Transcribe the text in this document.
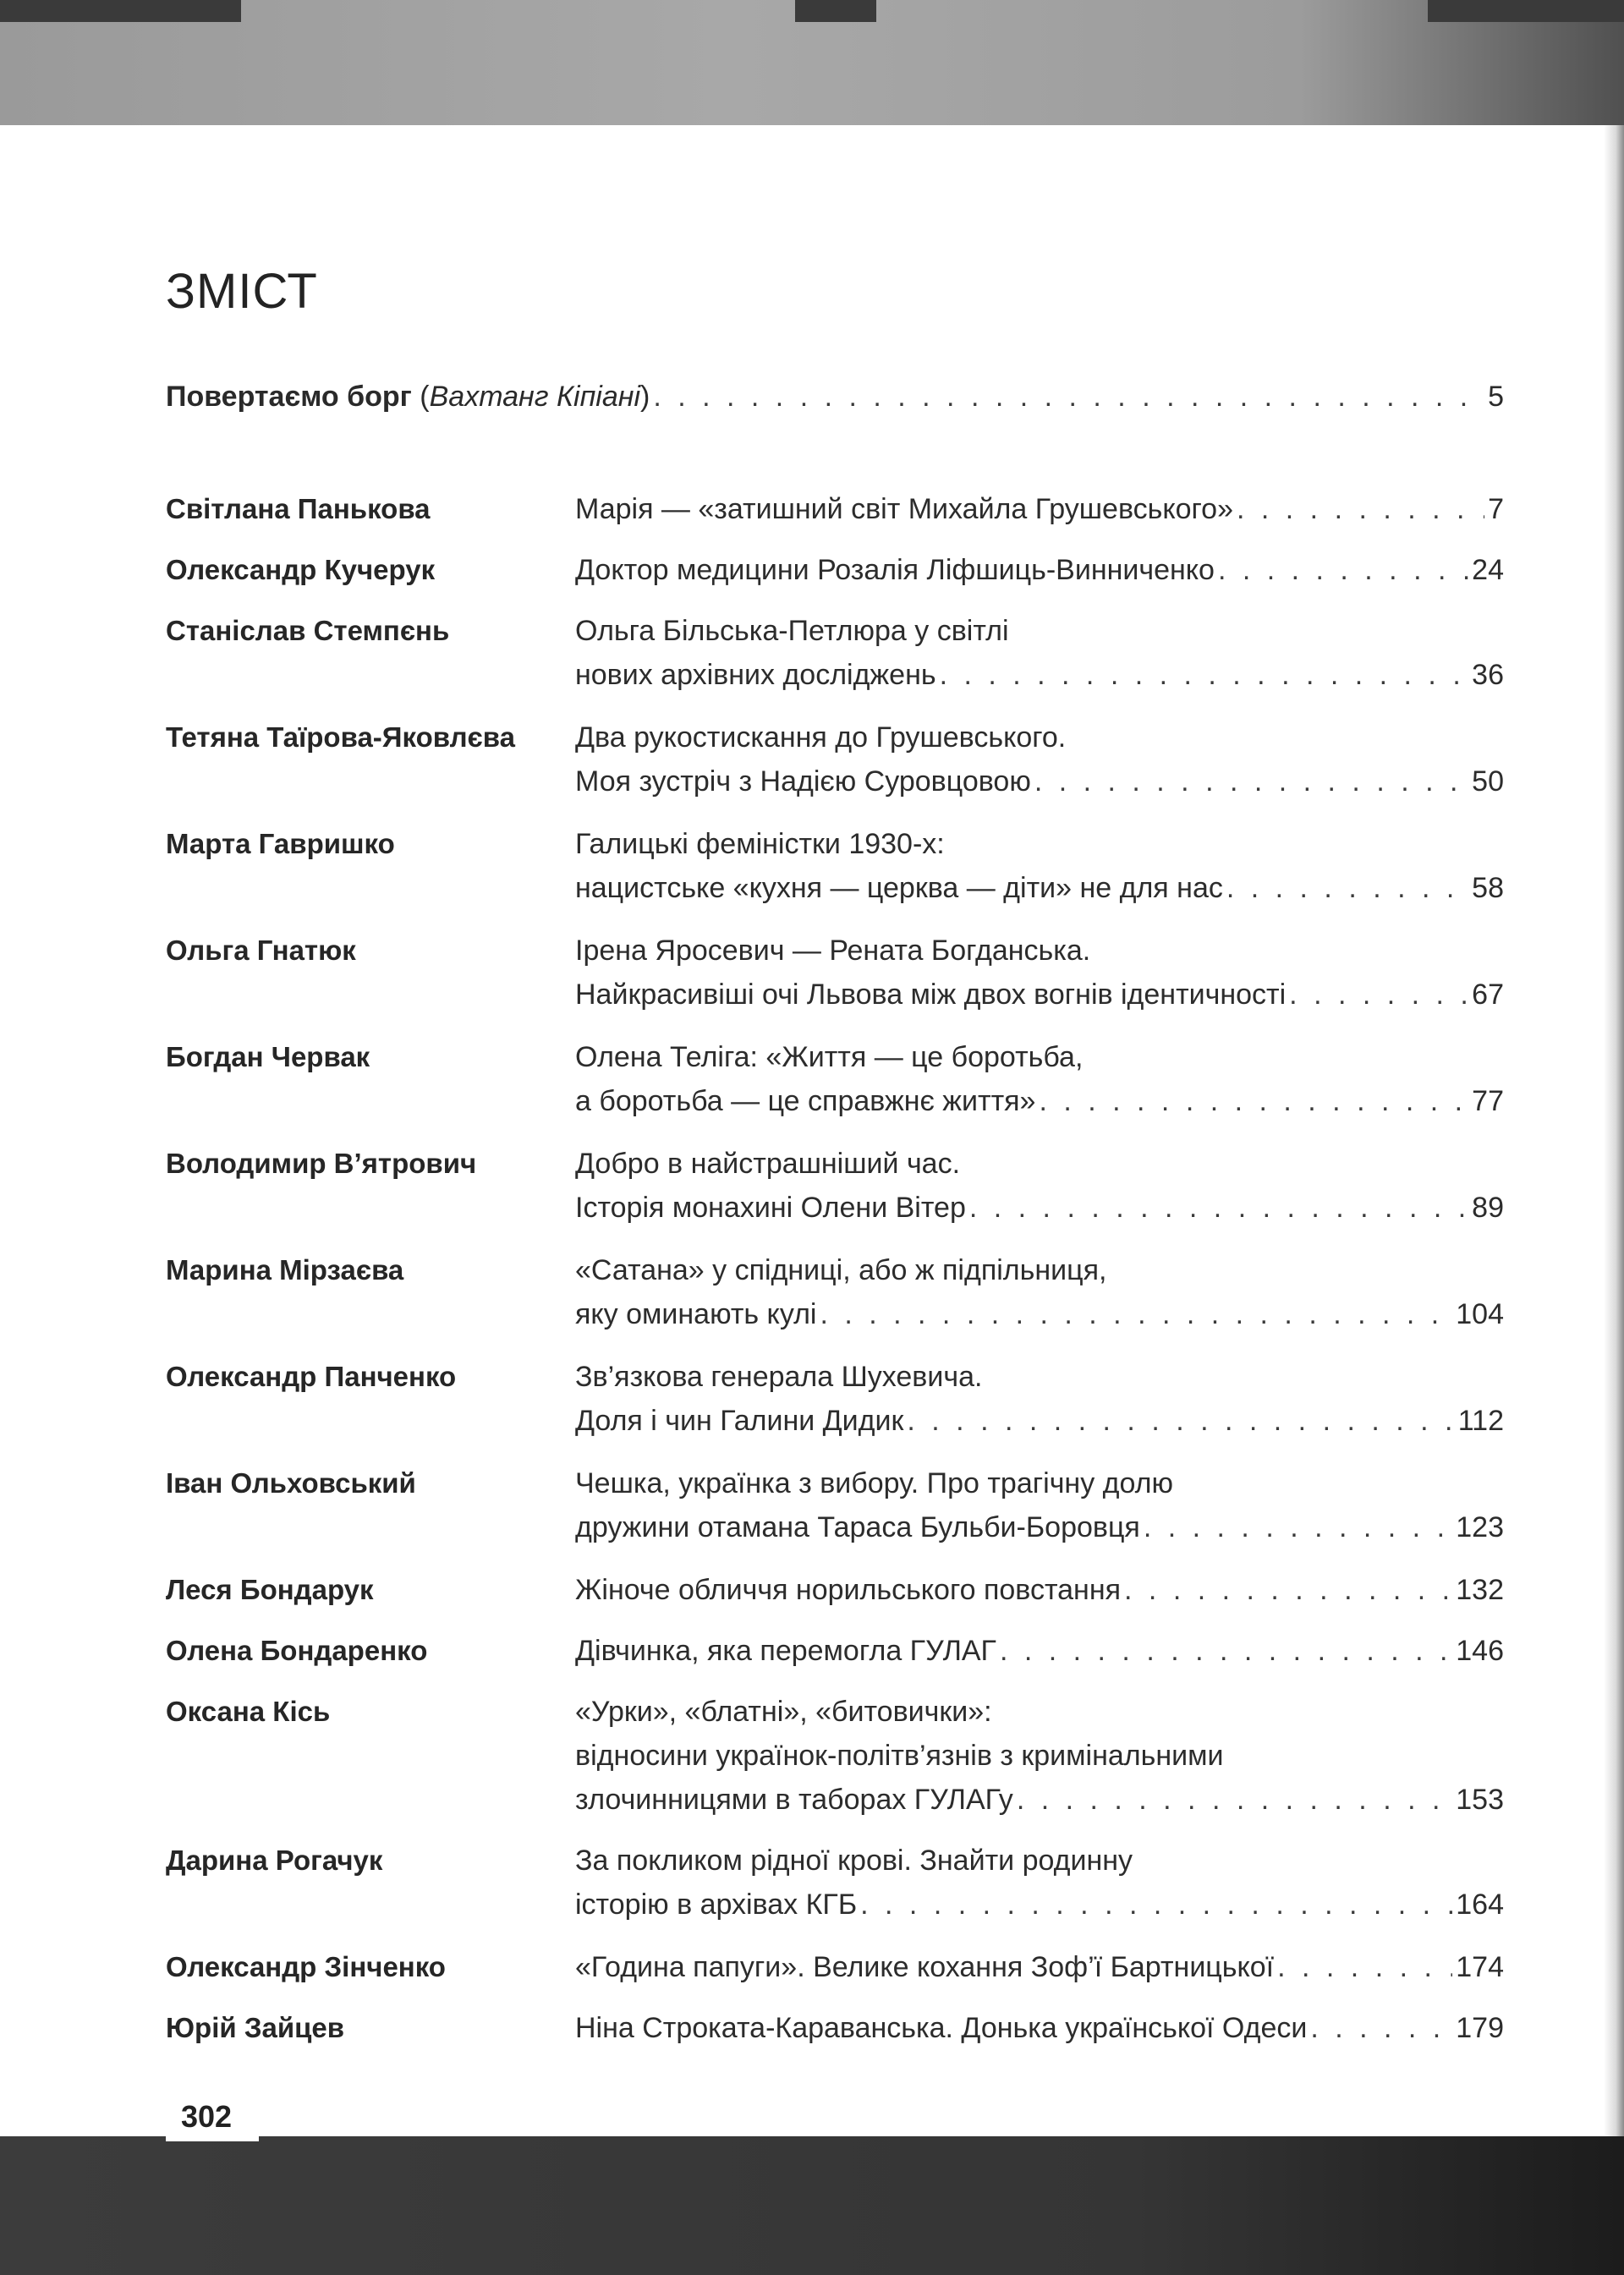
ЗМІСТ
Повертаємо борг ( Вахтанг Кіпіані ) . . .	5
Світлана Панькова	Марія — «затишний світ Михайла Грушевського» . . .	7
Олександр Кучерук	Доктор медицини Розалія Ліфшиць-Винниченко . . .	24
Станіслав Стемпєнь	Ольга Більська-Петлюра у світлі
нових архівних досліджень . . .	36
Тетяна Таїрова-Яковлєва	Два рукостискання до Грушевського.
Моя зустріч з Надією Суровцовою . . .	50
Марта Гавришко	Галицькі феміністки 1930-х:
нацистське «кухня — церква — діти» не для нас . . .	58
Ольга Гнатюк	Ірена Яросевич — Рената Богданська.
Найкрасивіші очі Львова між двох вогнів ідентичності . . .	67
Богдан Червак	Олена Теліга: «Життя — це боротьба,
а боротьба — це справжнє життя» . . .	77
Володимир В’ятрович	Добро в найстрашніший час.
Історія монахині Олени Вітер . . .	89
Марина Мірзаєва	«Сатана» у спідниці, або ж підпільниця,
яку оминають кулі . . .	104
Олександр Панченко	Зв’язкова генерала Шухевича.
Доля і чин Галини Дидик . . .	112
Іван Ольховський	Чешка, українка з вибору. Про трагічну долю
дружини отамана Тараса Бульби-Боровця . . .	123
Леся Бондарук	Жіноче обличчя норильського повстання . . .	132
Олена Бондаренко	Дівчинка, яка перемогла ГУЛАГ . . .	146
Оксана Кісь	«Урки», «блатні», «битовички»:
відносини українок-політв’язнів з кримінальними
злочинницями в таборах ГУЛАГу . . .	153
Дарина Рогачук	За покликом рідної крові. Знайти родинну
історію в архівах КГБ . . .	164
Олександр Зінченко	«Година папуги». Велике кохання Зоф’ї Бартницької . . .	174
Юрій Зайцев	Ніна Строката-Караванська. Донька української Одеси . . .	179
302
